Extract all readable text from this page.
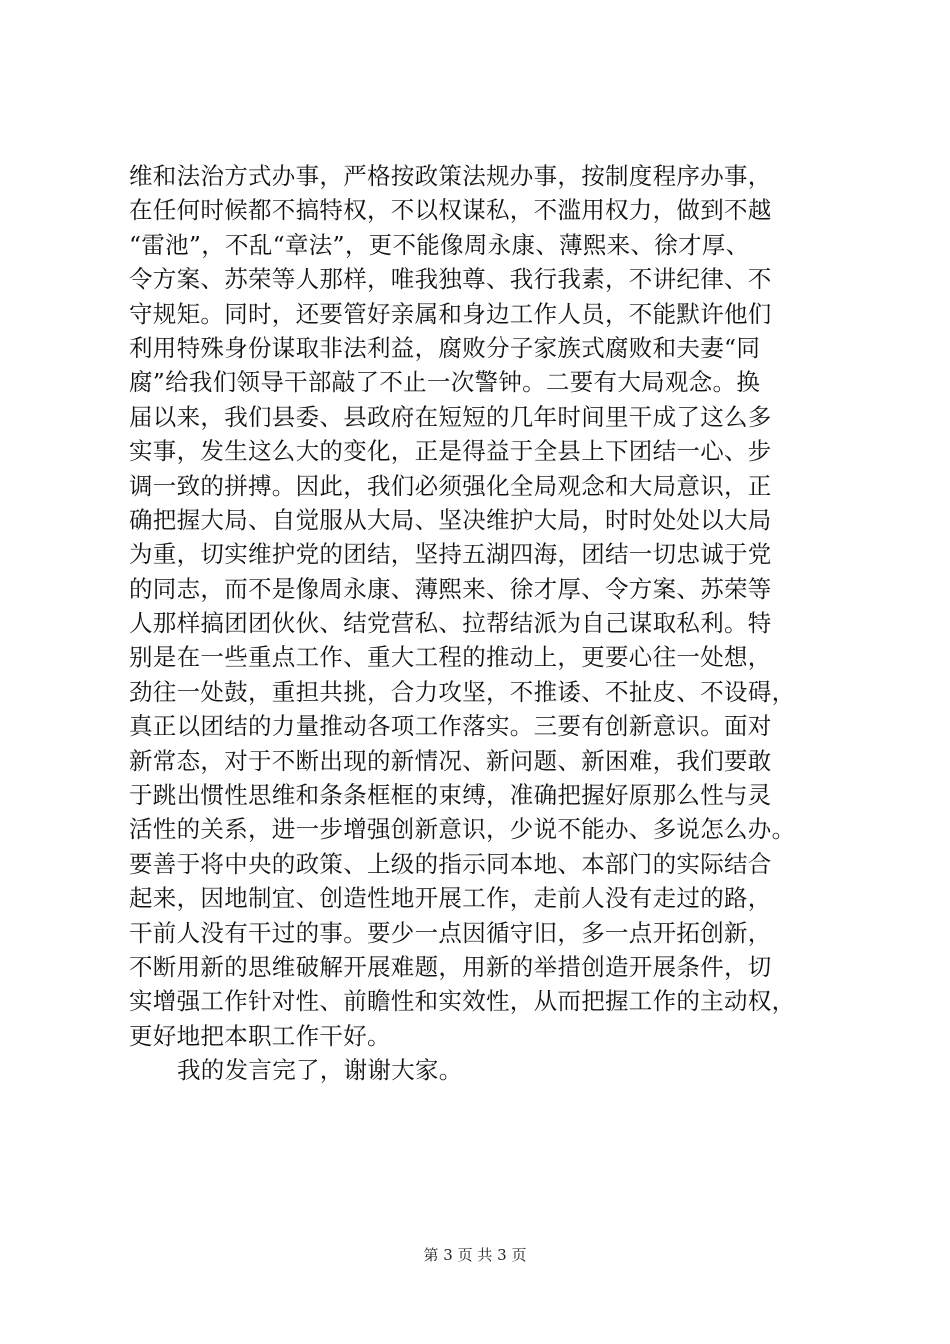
维和法治方式办事，严格按政策法规办事，按制度程序办事，
在任何时候都不搞特权，不以权谋私，不滥用权力，做到不越
“雷池”，不乱“章法”，更不能像周永康、薄熙来、徐才厚、
令方案、苏荣等人那样，唯我独尊、我行我素，不讲纪律、不
守规矩。同时，还要管好亲属和身边工作人员，不能默许他们
利用特殊身份谋取非法利益，腐败分子家族式腐败和夫妻“同
腐”给我们领导干部敲了不止一次警钟。二要有大局观念。换
届以来，我们县委、县政府在短短的几年时间里干成了这么多
实事，发生这么大的变化，正是得益于全县上下团结一心、步
调一致的拼搏。因此，我们必须强化全局观念和大局意识，正
确把握大局、自觉服从大局、坚决维护大局，时时处处以大局
为重，切实维护党的团结，坚持五湖四海，团结一切忠诚于党
的同志，而不是像周永康、薄熙来、徐才厚、令方案、苏荣等
人那样搞团团伙伙、结党营私、拉帮结派为自己谋取私利。特
别是在一些重点工作、重大工程的推动上，更要心往一处想，
劲往一处鼓，重担共挑，合力攻坚，不推诿、不扯皮、不设碍，
真正以团结的力量推动各项工作落实。三要有创新意识。面对
新常态，对于不断出现的新情况、新问题、新困难，我们要敢
于跳出惯性思维和条条框框的束缚，准确把握好原那么性与灵
活性的关系，进一步增强创新意识，少说不能办、多说怎么办。
要善于将中央的政策、上级的指示同本地、本部门的实际结合
起来，因地制宜、创造性地开展工作，走前人没有走过的路，
干前人没有干过的事。要少一点因循守旧，多一点开拓创新，
不断用新的思维破解开展难题，用新的举措创造开展条件，切
实增强工作针对性、前瞻性和实效性，从而把握工作的主动权，
更好地把本职工作干好。
我的发言完了，谢谢大家。
第 3 页 共 3 页
